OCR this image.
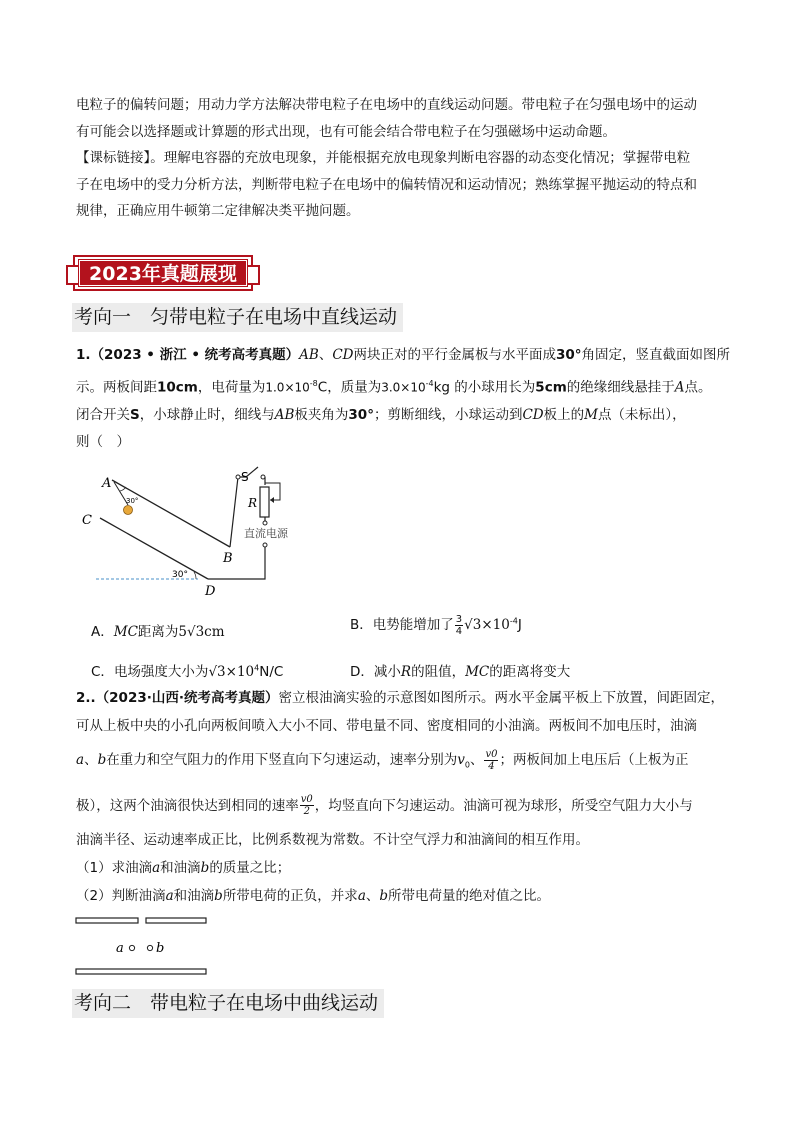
电粒子的偏转问题；用动力学方法解决带电粒子在电场中的直线运动问题。带电粒子在匀强电场中的运动

有可能会以选择题或计算题的形式出现，也有可能会结合带电粒子在匀强磁场中运动命题。

【课标链接】。理解电容器的充放电现象，并能根据充放电现象判断电容器的动态变化情况；掌握带电粒

子在电场中的受力分析方法，判断带电粒子在电场中的偏转情况和运动情况；熟练掌握平抛运动的特点和

规律，正确应用牛顿第二定律解决类平抛问题。

2023年真题展现
考向一　匀带电粒子在电场中直线运动

1.（2023 • 浙江 • 统考高考真题）AB、CD两块正对的平行金属板与水平面成30°角固定，竖直截面如图所

示。两板间距10cm，电荷量为$1.0\times 10^{-8}C$，质量为$3.0\times 10^{-4}kg$ 的小球用长为5cm的绝缘细线悬挂于A点。

闭合开关S，小球静止时，细线与AB板夹角为30°；剪断细线，小球运动到CD板上的M点（未标出），

则（　）

A
30°
C
B
D
30°
S
R
直流电源
A．MC距离为5√3cm	B．电势能增加了 $\frac{3}{4} √3\times 10^{-4}J$
C．电场强度大小为$√3\times 10^4N/C$	D．减小R的阻值，MC的距离将变大

2..（2023·山西·统考高考真题）密立根油滴实验的示意图如图所示。两水平金属平板上下放置，间距固定，

可从上板中央的小孔向两板间喷入大小不同、带电量不同、密度相同的小油滴。两板间不加电压时，油滴

a、b在重力和空气阻力的作用下竖直向下匀速运动，速率分别为$v_0$、 $\frac{v0}{4}$ ；两板间加上电压后（上板为正

极），这两个油滴很快达到相同的速率 $\frac{v0}{2}$ ，均竖直向下匀速运动。油滴可视为球形，所受空气阻力大小与

油滴半径、运动速率成正比，比例系数视为常数。不计空气浮力和油滴间的相互作用。

（1）求油滴a和油滴b的质量之比；

（2）判断油滴a和油滴b所带电荷的正负，并求a、b所带电荷量的绝对值之比。

a b
考向二　带电粒子在电场中曲线运动
